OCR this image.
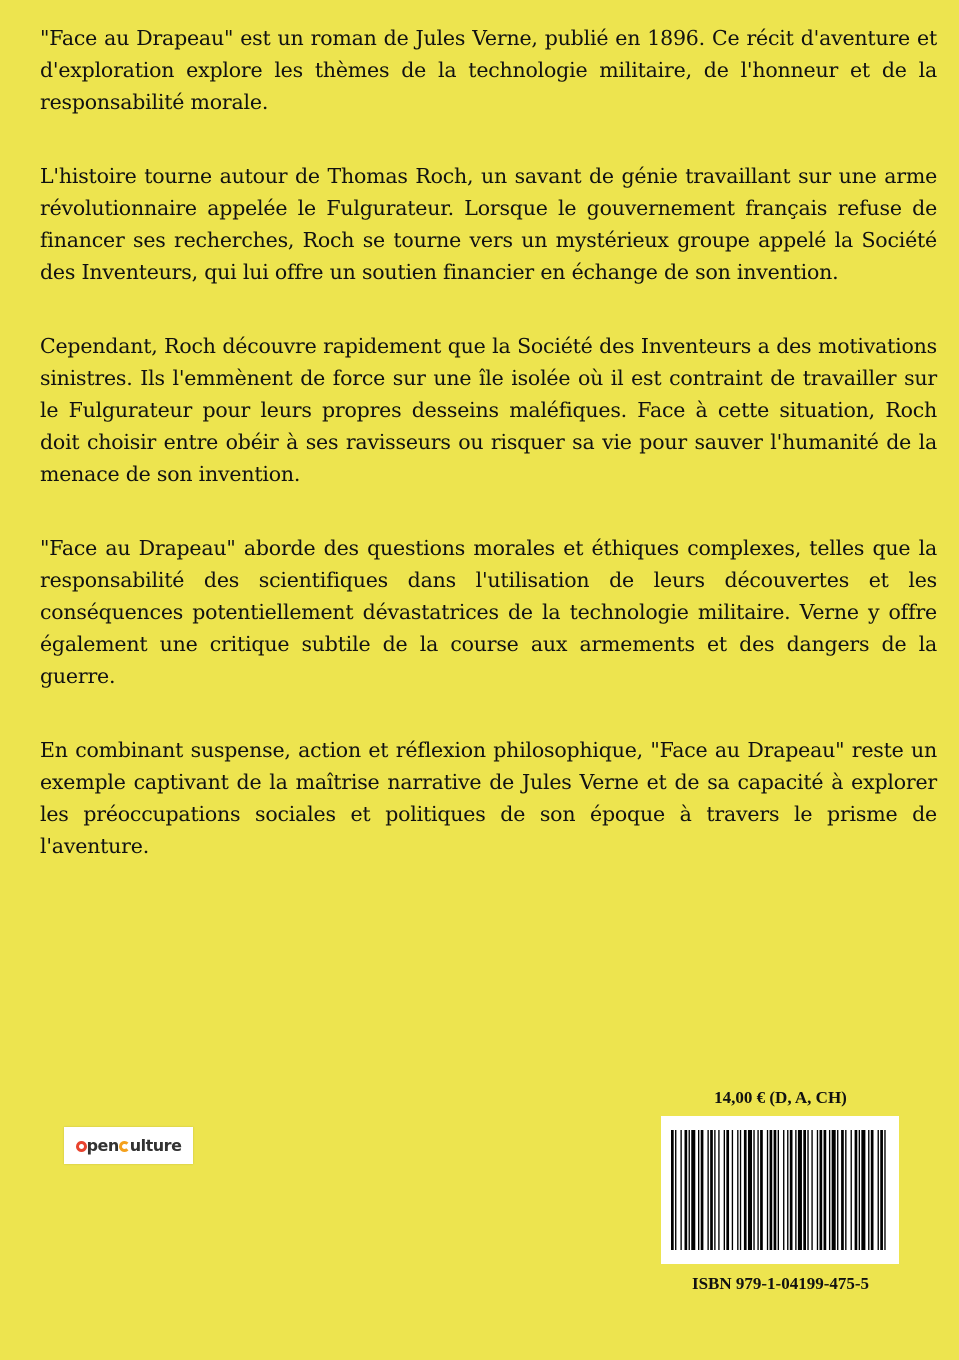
"Face au Drapeau" est un roman de Jules Verne, publié en 1896. Ce récit d'aventure et d'exploration explore les thèmes de la technologie militaire, de l'honneur et de la responsabilité morale.

L'histoire tourne autour de Thomas Roch, un savant de génie travaillant sur une arme révolutionnaire appelée le Fulgurateur. Lorsque le gouvernement français refuse de financer ses recherches, Roch se tourne vers un mystérieux groupe appelé la Société des Inventeurs, qui lui offre un soutien financier en échange de son invention.

Cependant, Roch découvre rapidement que la Société des Inventeurs a des motivations sinistres. Ils l'emmènent de force sur une île isolée où il est contraint de travailler sur le Fulgurateur pour leurs propres desseins maléfiques. Face à cette situation, Roch doit choisir entre obéir à ses ravisseurs ou risquer sa vie pour sauver l'humanité de la menace de son invention.

"Face au Drapeau" aborde des questions morales et éthiques complexes, telles que la responsabilité des scientifiques dans l'utilisation de leurs découvertes et les conséquences potentiellement dévastatrices de la technologie militaire. Verne y offre également une critique subtile de la course aux armements et des dangers de la guerre.

En combinant suspense, action et réflexion philosophique, "Face au Drapeau" reste un exemple captivant de la maîtrise narrative de Jules Verne et de sa capacité à explorer les préoccupations sociales et politiques de son époque à travers le prisme de l'aventure.

pen ulture
14,00 € (D, A, CH)
ISBN 979-1-04199-475-5
